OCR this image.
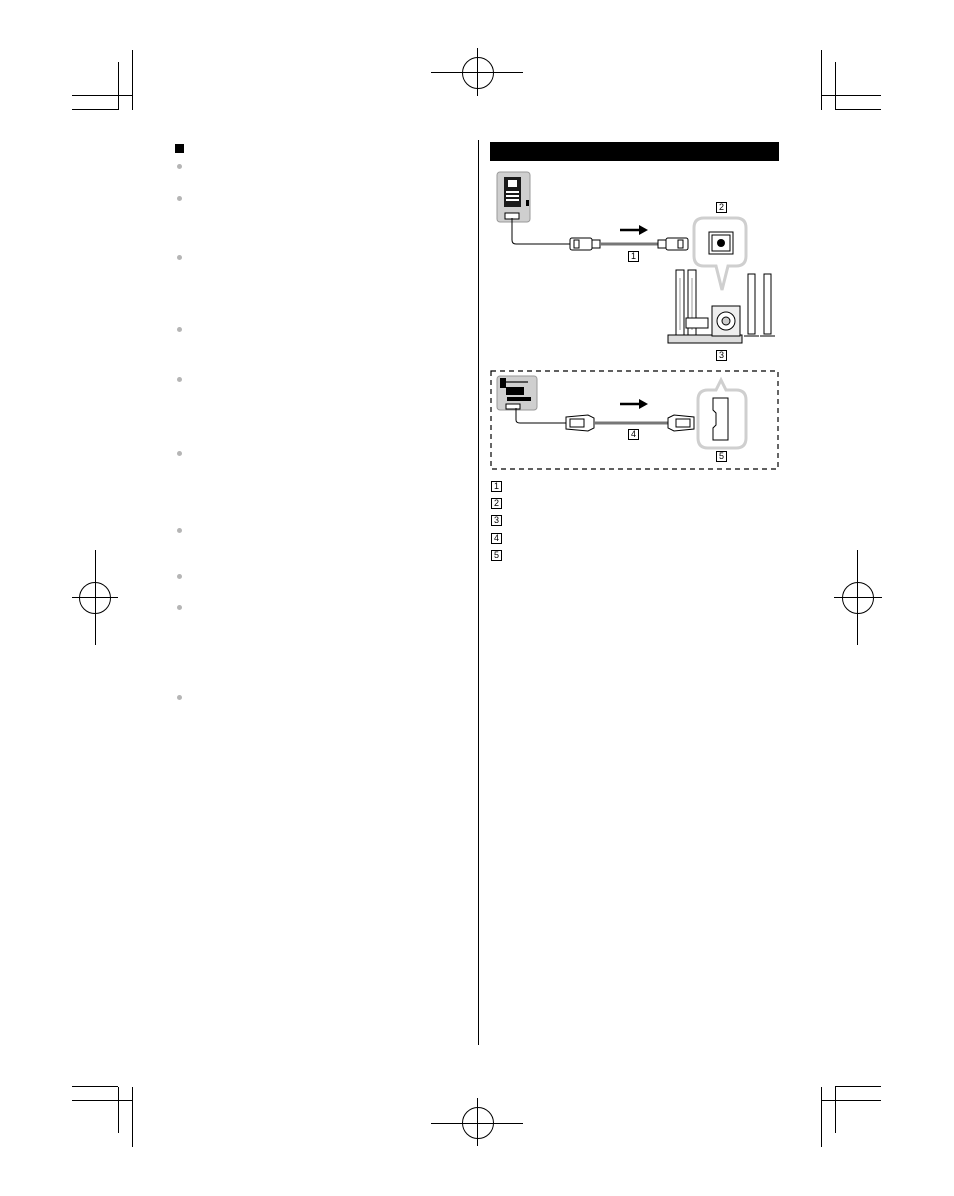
1
2
3
4
5
1
2
3
4
5
